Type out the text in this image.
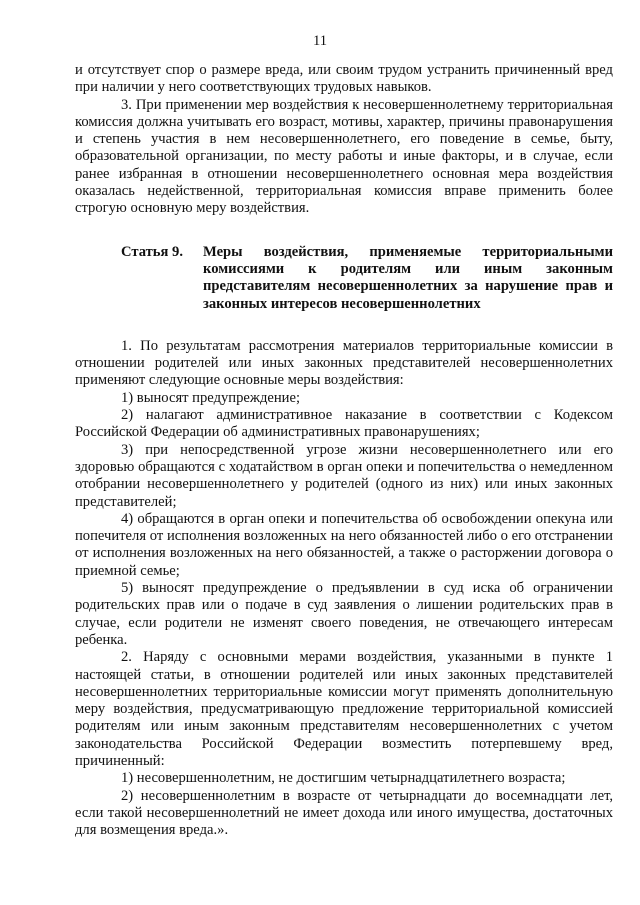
11

и отсутствует спор о размере вреда, или своим трудом устранить причиненный вред при наличии у него соответствующих трудовых навыков.

3. При применении мер воздействия к несовершеннолетнему территориальная комиссия должна учитывать его возраст, мотивы, характер, причины правонарушения и степень участия в нем несовершеннолетнего, его поведение в семье, быту, образовательной организации, по месту работы и иные факторы, и в случае, если ранее избранная в отношении несовершеннолетнего основная мера воздействия оказалась недейственной, территориальная комиссия вправе применить более строгую основную меру воздействия.

Статья 9.	Меры воздействия, применяемые территориальными комиссиями к родителям или иным законным представителям несовершеннолетних за нарушение прав и законных интересов несовершеннолетних

1. По результатам рассмотрения материалов территориальные комиссии в отношении родителей или иных законных представителей несовершеннолетних применяют следующие основные меры воздействия:

1) выносят предупреждение;

2) налагают административное наказание в соответствии с Кодексом Российской Федерации об административных правонарушениях;

3) при непосредственной угрозе жизни несовершеннолетнего или его здоровью обращаются с ходатайством в орган опеки и попечительства о немедленном отобрании несовершеннолетнего у родителей (одного из них) или иных законных представителей;

4) обращаются в орган опеки и попечительства об освобождении опекуна или попечителя от исполнения возложенных на него обязанностей либо о его отстранении от исполнения возложенных на него обязанностей, а также о расторжении договора о приемной семье;

5) выносят предупреждение о предъявлении в суд иска об ограничении родительских прав или о подаче в суд заявления о лишении родительских прав в случае, если родители не изменят своего поведения, не отвечающего интересам ребенка.

2. Наряду с основными мерами воздействия, указанными в пункте 1 настоящей статьи, в отношении родителей или иных законных представителей несовершеннолетних территориальные комиссии могут применять дополнительную меру воздействия, предусматривающую предложение территориальной комиссией родителям или иным законным представителям несовершеннолетних с учетом законодательства Российской Федерации возместить потерпевшему вред, причиненный:

1) несовершеннолетним, не достигшим четырнадцатилетнего возраста;

2) несовершеннолетним в возрасте от четырнадцати до восемнадцати лет, если такой несовершеннолетний не имеет дохода или иного имущества, достаточных для возмещения вреда.».
